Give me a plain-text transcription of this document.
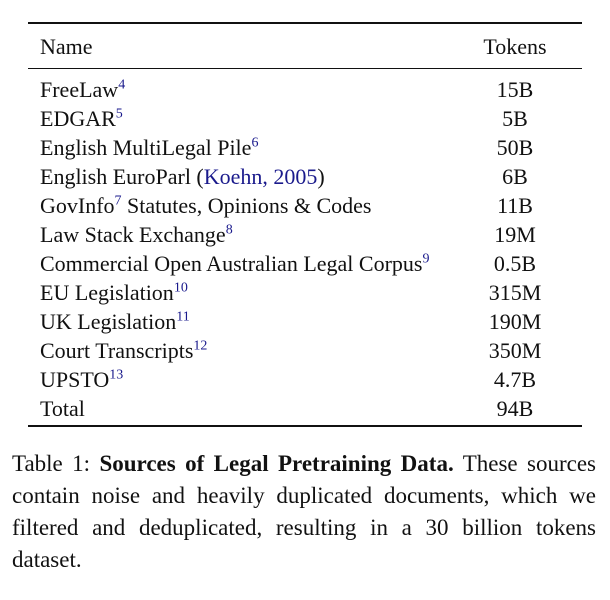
Name	Tokens
FreeLaw$^4$	15B
EDGAR$^5$	5B
English MultiLegal Pile$^6$	50B
English EuroParl (Koehn, 2005)	6B
GovInfo$^7$ Statutes, Opinions & Codes	11B
Law Stack Exchange$^8$	19M
Commercial Open Australian Legal Corpus$^9$	0.5B
EU Legislation$^{10}$	315M
UK Legislation$^{11}$	190M
Court Transcripts$^{12}$	350M
UPSTO$^{13}$	4.7B
Total	94B

Table 1: Sources of Legal Pretraining Data. These sources contain noise and heavily duplicated documents, which we filtered and deduplicated, resulting in a 30 billion tokens dataset.
